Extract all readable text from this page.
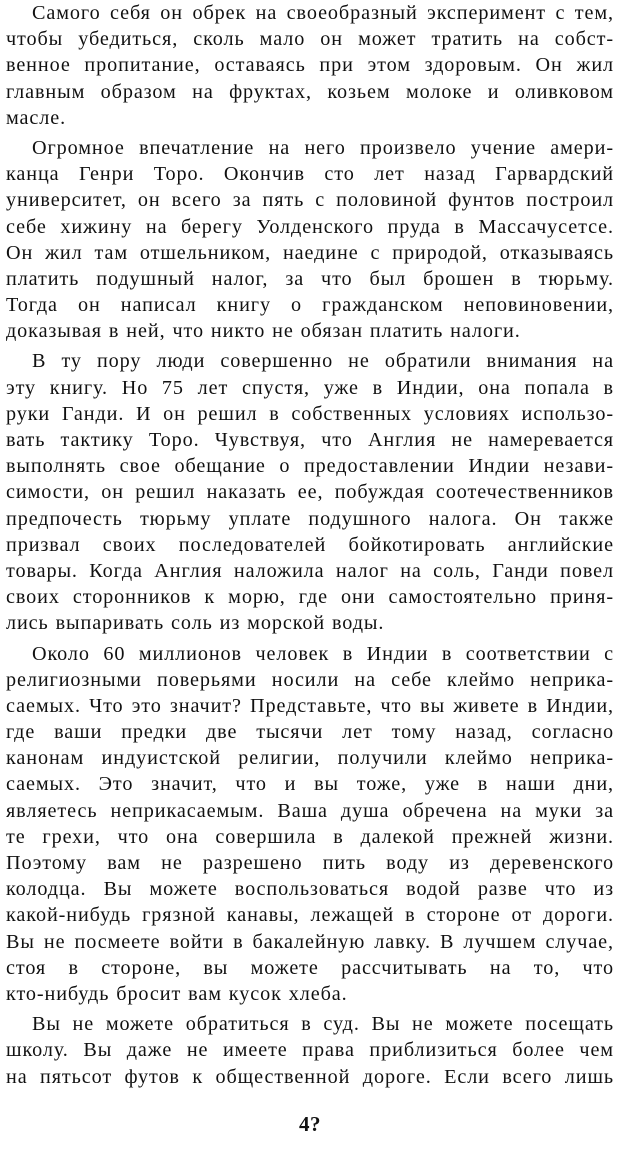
Самого себя он обрек на своеобразный эксперимент с тем,
чтобы убедиться, сколь мало он может тратить на собст-
венное пропитание, оставаясь при этом здоровым. Он жил
главным образом на фруктах, козьем молоке и оливковом
масле.
Огромное впечатление на него произвело учение амери-
канца Генри Торо. Окончив сто лет назад Гарвардский
университет, он всего за пять с половиной фунтов построил
себе хижину на берегу Уолденского пруда в Массачусетсе.
Он жил там отшельником, наедине с природой, отказываясь
платить подушный налог, за что был брошен в тюрьму.
Тогда он написал книгу о гражданском неповиновении,
доказывая в ней, что никто не обязан платить налоги.
В ту пору люди совершенно не обратили внимания на
эту книгу. Но 75 лет спустя, уже в Индии, она попала в
руки Ганди. И он решил в собственных условиях использо-
вать тактику Торо. Чувствуя, что Англия не намеревается
выполнять свое обещание о предоставлении Индии незави-
симости, он решил наказать ее, побуждая соотечественников
предпочесть тюрьму уплате подушного налога. Он также
призвал своих последователей бойкотировать английские
товары. Когда Англия наложила налог на соль, Ганди повел
своих сторонников к морю, где они самостоятельно приня-
лись выпаривать соль из морской воды.
Около 60 миллионов человек в Индии в соответствии с
религиозными поверьями носили на себе клеймо неприка-
саемых. Что это значит? Представьте, что вы живете в Индии,
где ваши предки две тысячи лет тому назад, согласно
канонам индуистской религии, получили клеймо неприка-
саемых. Это значит, что и вы тоже, уже в наши дни,
являетесь неприкасаемым. Ваша душа обречена на муки за
те грехи, что она совершила в далекой прежней жизни.
Поэтому вам не разрешено пить воду из деревенского
колодца. Вы можете воспользоваться водой разве что из
какой-нибудь грязной канавы, лежащей в стороне от дороги.
Вы не посмеете войти в бакалейную лавку. В лучшем случае,
стоя в стороне, вы можете рассчитывать на то, что
кто-нибудь бросит вам кусок хлеба.
Вы не можете обратиться в суд. Вы не можете посещать
школу. Вы даже не имеете права приблизиться более чем
на пятьсот футов к общественной дороге. Если всего лишь
4?
